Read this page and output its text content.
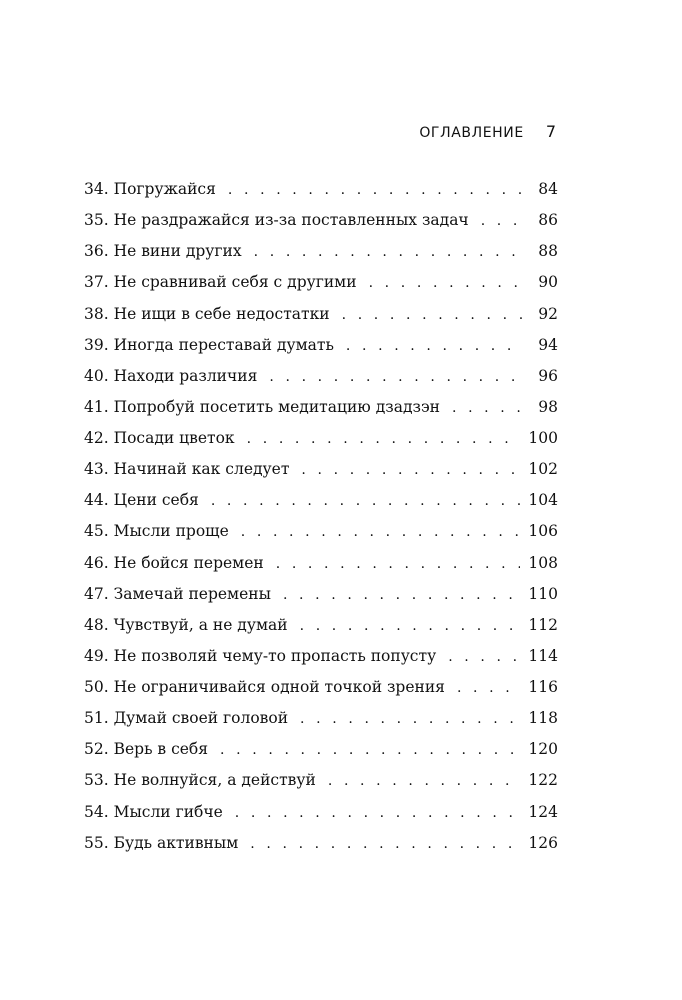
ОГЛАВЛЕНИЕ 7
34. Погружайся . . .	84
35. Не раздражайся из-за поставленных задач . . .	86
36. Не вини других . . .	88
37. Не сравнивай себя с другими . . .	90
38. Не ищи в себе недостатки . . .	92
39. Иногда переставай думать . . .	94
40. Находи различия . . .	96
41. Попробуй посетить медитацию дзадзэн . . .	98
42. Посади цветок . . .	100
43. Начинай как следует . . .	102
44. Цени себя . . .	104
45. Мысли проще . . .	106
46. Не бойся перемен . . .	108
47. Замечай перемены . . .	110
48. Чувствуй, а не думай . . .	112
49. Не позволяй чему-то пропасть попусту . . .	114
50. Не ограничивайся одной точкой зрения . . .	116
51. Думай своей головой . . .	118
52. Верь в себя . . .	120
53. Не волнуйся, а действуй . . .	122
54. Мысли гибче . . .	124
55. Будь активным . . .	126
